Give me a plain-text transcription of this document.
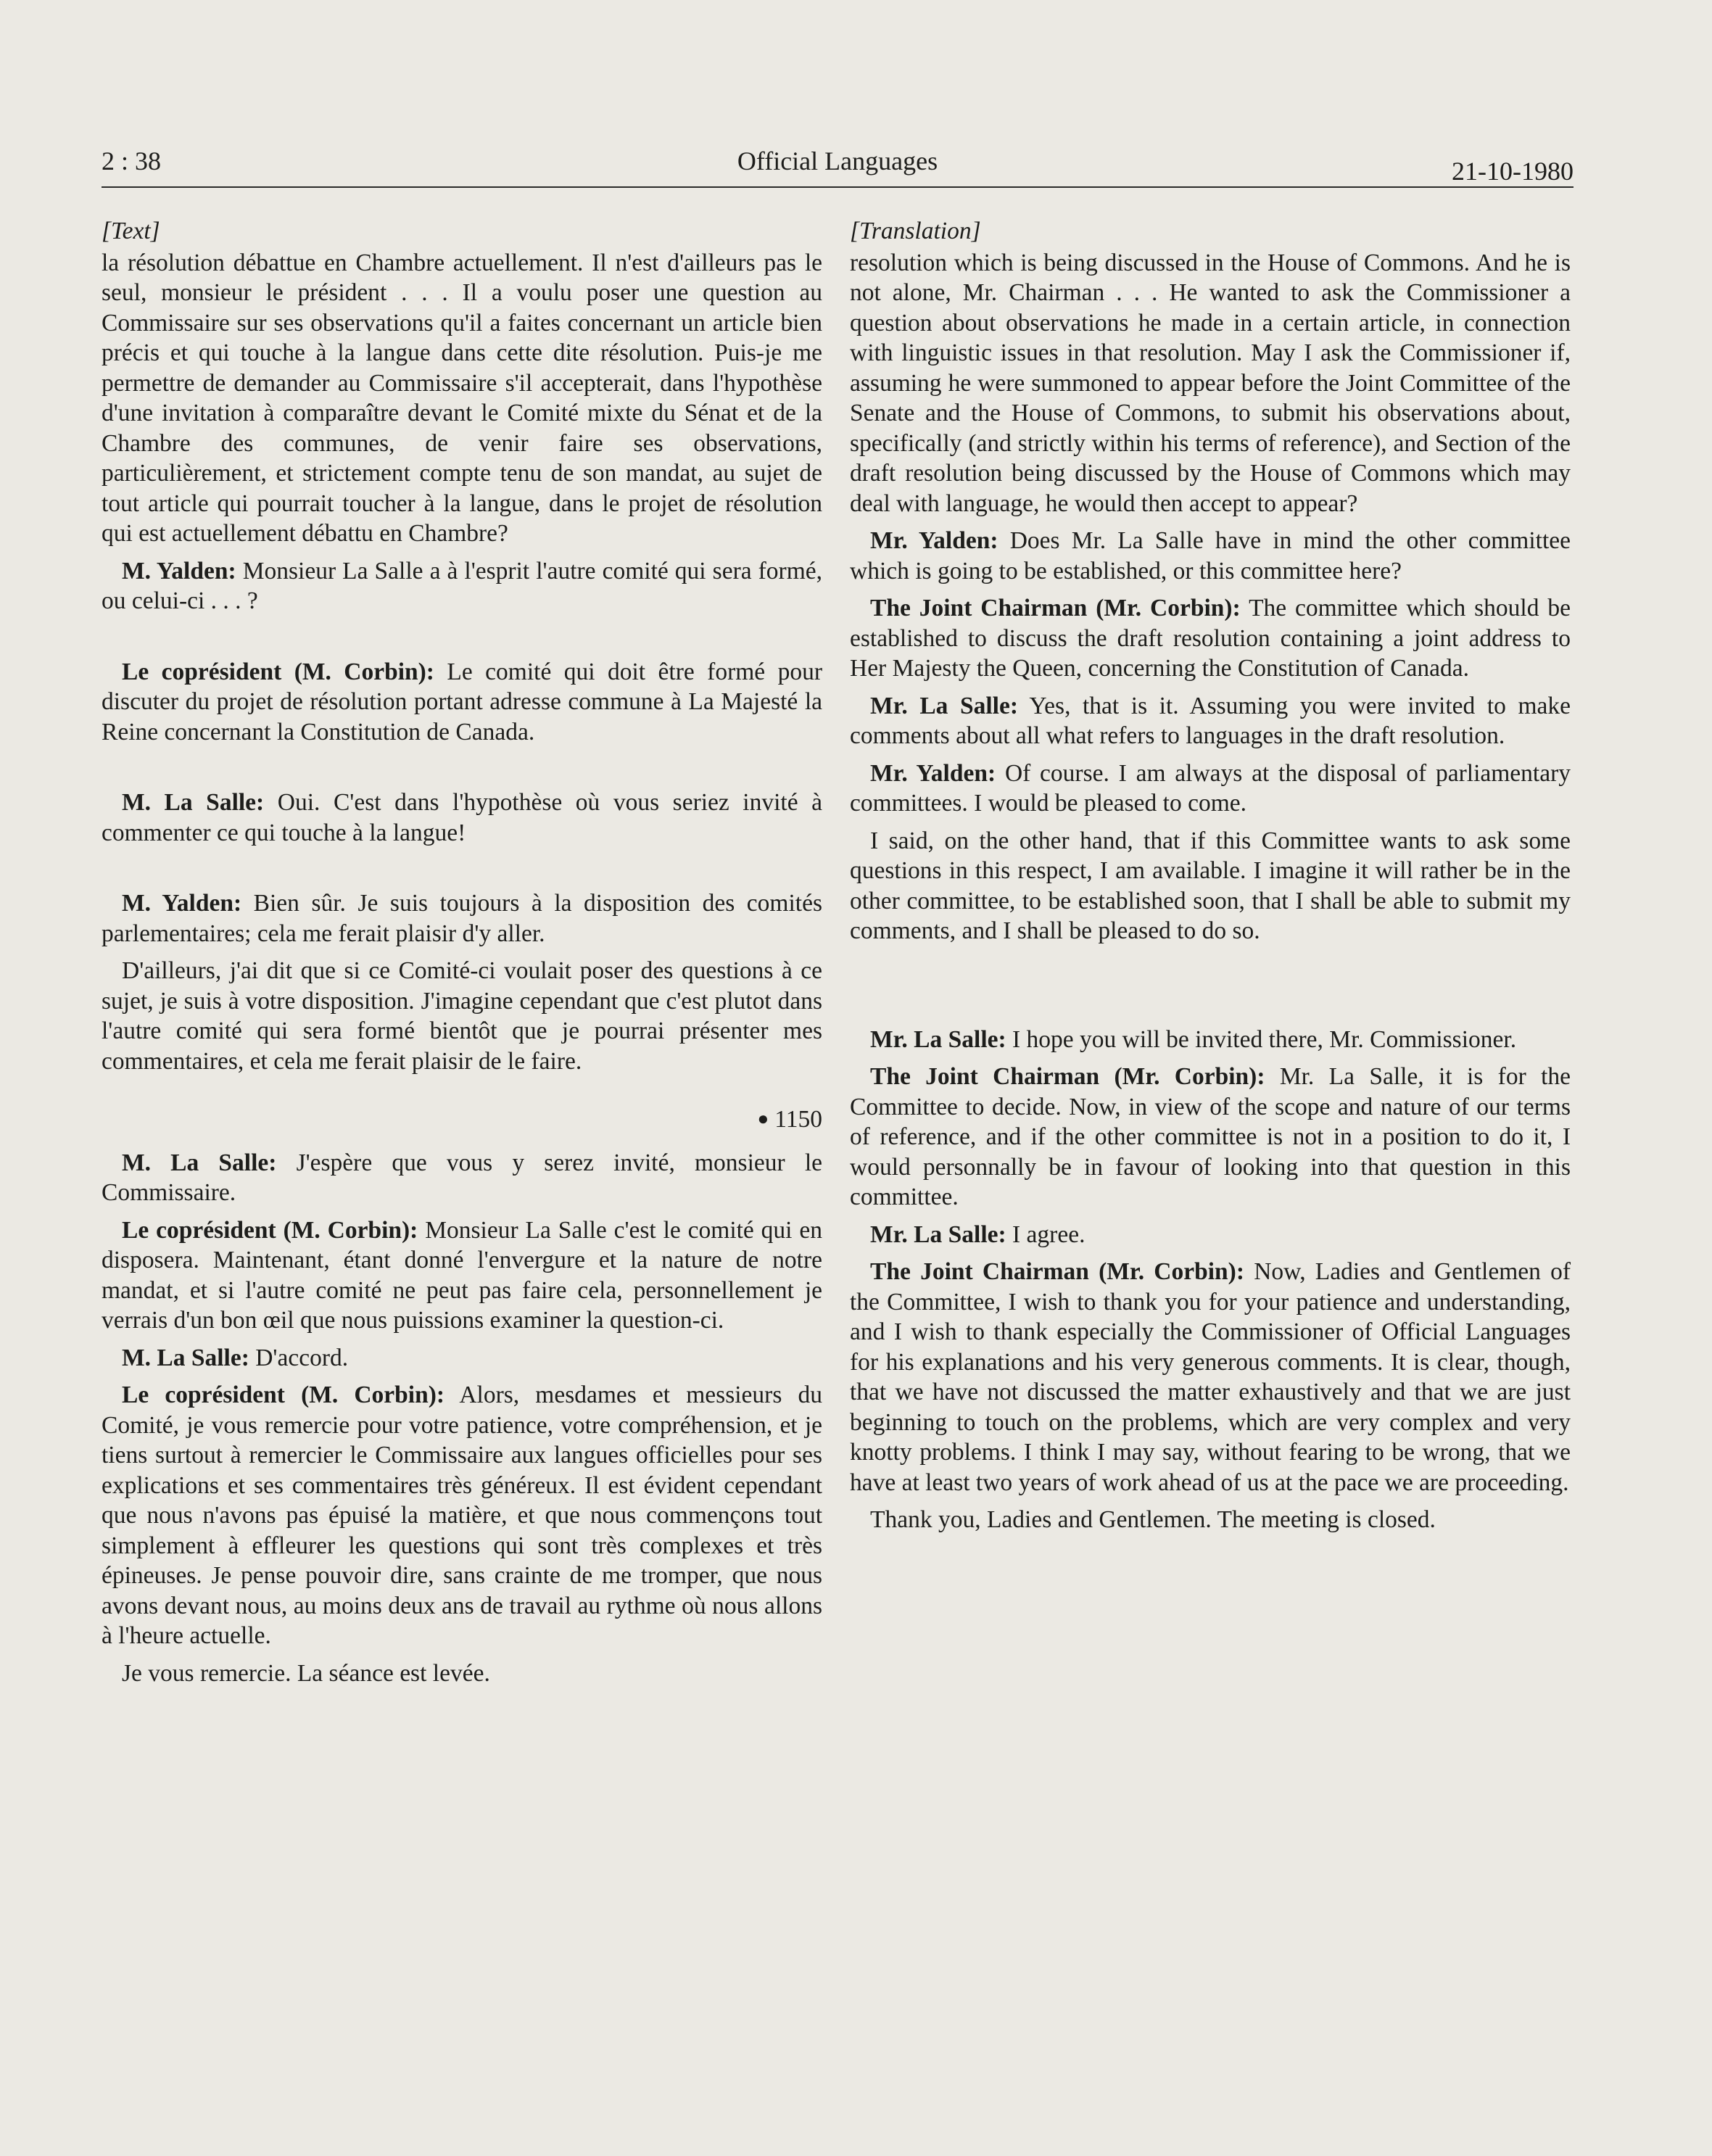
2 : 38	Official Languages	21-10-1980
[Text]

la résolution débattue en Chambre actuellement. Il n'est d'ailleurs pas le seul, monsieur le président . . . Il a voulu poser une question au Commissaire sur ses observations qu'il a faites concernant un article bien précis et qui touche à la langue dans cette dite résolution. Puis-je me permettre de demander au Commissaire s'il accepterait, dans l'hypothèse d'une invitation à comparaître devant le Comité mixte du Sénat et de la Chambre des communes, de venir faire ses observations, particulièrement, et strictement compte tenu de son mandat, au sujet de tout article qui pourrait toucher à la langue, dans le projet de résolution qui est actuellement débattu en Chambre?

M. Yalden: Monsieur La Salle a à l'esprit l'autre comité qui sera formé, ou celui-ci . . . ?

Le coprésident (M. Corbin): Le comité qui doit être formé pour discuter du projet de résolution portant adresse commune à La Majesté la Reine concernant la Constitution de Canada.

M. La Salle: Oui. C'est dans l'hypothèse où vous seriez invité à commenter ce qui touche à la langue!

M. Yalden: Bien sûr. Je suis toujours à la disposition des comités parlementaires; cela me ferait plaisir d'y aller.

D'ailleurs, j'ai dit que si ce Comité-ci voulait poser des questions à ce sujet, je suis à votre disposition. J'imagine cependant que c'est plutot dans l'autre comité qui sera formé bientôt que je pourrai présenter mes commentaires, et cela me ferait plaisir de le faire.

● 1150

M. La Salle: J'espère que vous y serez invité, monsieur le Commissaire.

Le coprésident (M. Corbin): Monsieur La Salle c'est le comité qui en disposera. Maintenant, étant donné l'envergure et la nature de notre mandat, et si l'autre comité ne peut pas faire cela, personnellement je verrais d'un bon œil que nous puissions examiner la question-ci.

M. La Salle: D'accord.

Le coprésident (M. Corbin): Alors, mesdames et messieurs du Comité, je vous remercie pour votre patience, votre compréhension, et je tiens surtout à remercier le Commissaire aux langues officielles pour ses explications et ses commentaires très généreux. Il est évident cependant que nous n'avons pas épuisé la matière, et que nous commençons tout simplement à effleurer les questions qui sont très complexes et très épineuses. Je pense pouvoir dire, sans crainte de me tromper, que nous avons devant nous, au moins deux ans de travail au rythme où nous allons à l'heure actuelle.

Je vous remercie. La séance est levée.

[Translation]

resolution which is being discussed in the House of Commons. And he is not alone, Mr. Chairman . . . He wanted to ask the Commissioner a question about observations he made in a certain article, in connection with linguistic issues in that resolution. May I ask the Commissioner if, assuming he were summoned to appear before the Joint Committee of the Senate and the House of Commons, to submit his observations about, specifically (and strictly within his terms of reference), and Section of the draft resolution being discussed by the House of Commons which may deal with language, he would then accept to appear?

Mr. Yalden: Does Mr. La Salle have in mind the other committee which is going to be established, or this committee here?

The Joint Chairman (Mr. Corbin): The committee which should be established to discuss the draft resolution containing a joint address to Her Majesty the Queen, concerning the Constitution of Canada.

Mr. La Salle: Yes, that is it. Assuming you were invited to make comments about all what refers to languages in the draft resolution.

Mr. Yalden: Of course. I am always at the disposal of parliamentary committees. I would be pleased to come.

I said, on the other hand, that if this Committee wants to ask some questions in this respect, I am available. I imagine it will rather be in the other committee, to be established soon, that I shall be able to submit my comments, and I shall be pleased to do so.

Mr. La Salle: I hope you will be invited there, Mr. Commissioner.

The Joint Chairman (Mr. Corbin): Mr. La Salle, it is for the Committee to decide. Now, in view of the scope and nature of our terms of reference, and if the other committee is not in a position to do it, I would personnally be in favour of looking into that question in this committee.

Mr. La Salle: I agree.

The Joint Chairman (Mr. Corbin): Now, Ladies and Gentlemen of the Committee, I wish to thank you for your patience and understanding, and I wish to thank especially the Commissioner of Official Languages for his explanations and his very generous comments. It is clear, though, that we have not discussed the matter exhaustively and that we are just beginning to touch on the problems, which are very complex and very knotty problems. I think I may say, without fearing to be wrong, that we have at least two years of work ahead of us at the pace we are proceeding.

Thank you, Ladies and Gentlemen. The meeting is closed.
